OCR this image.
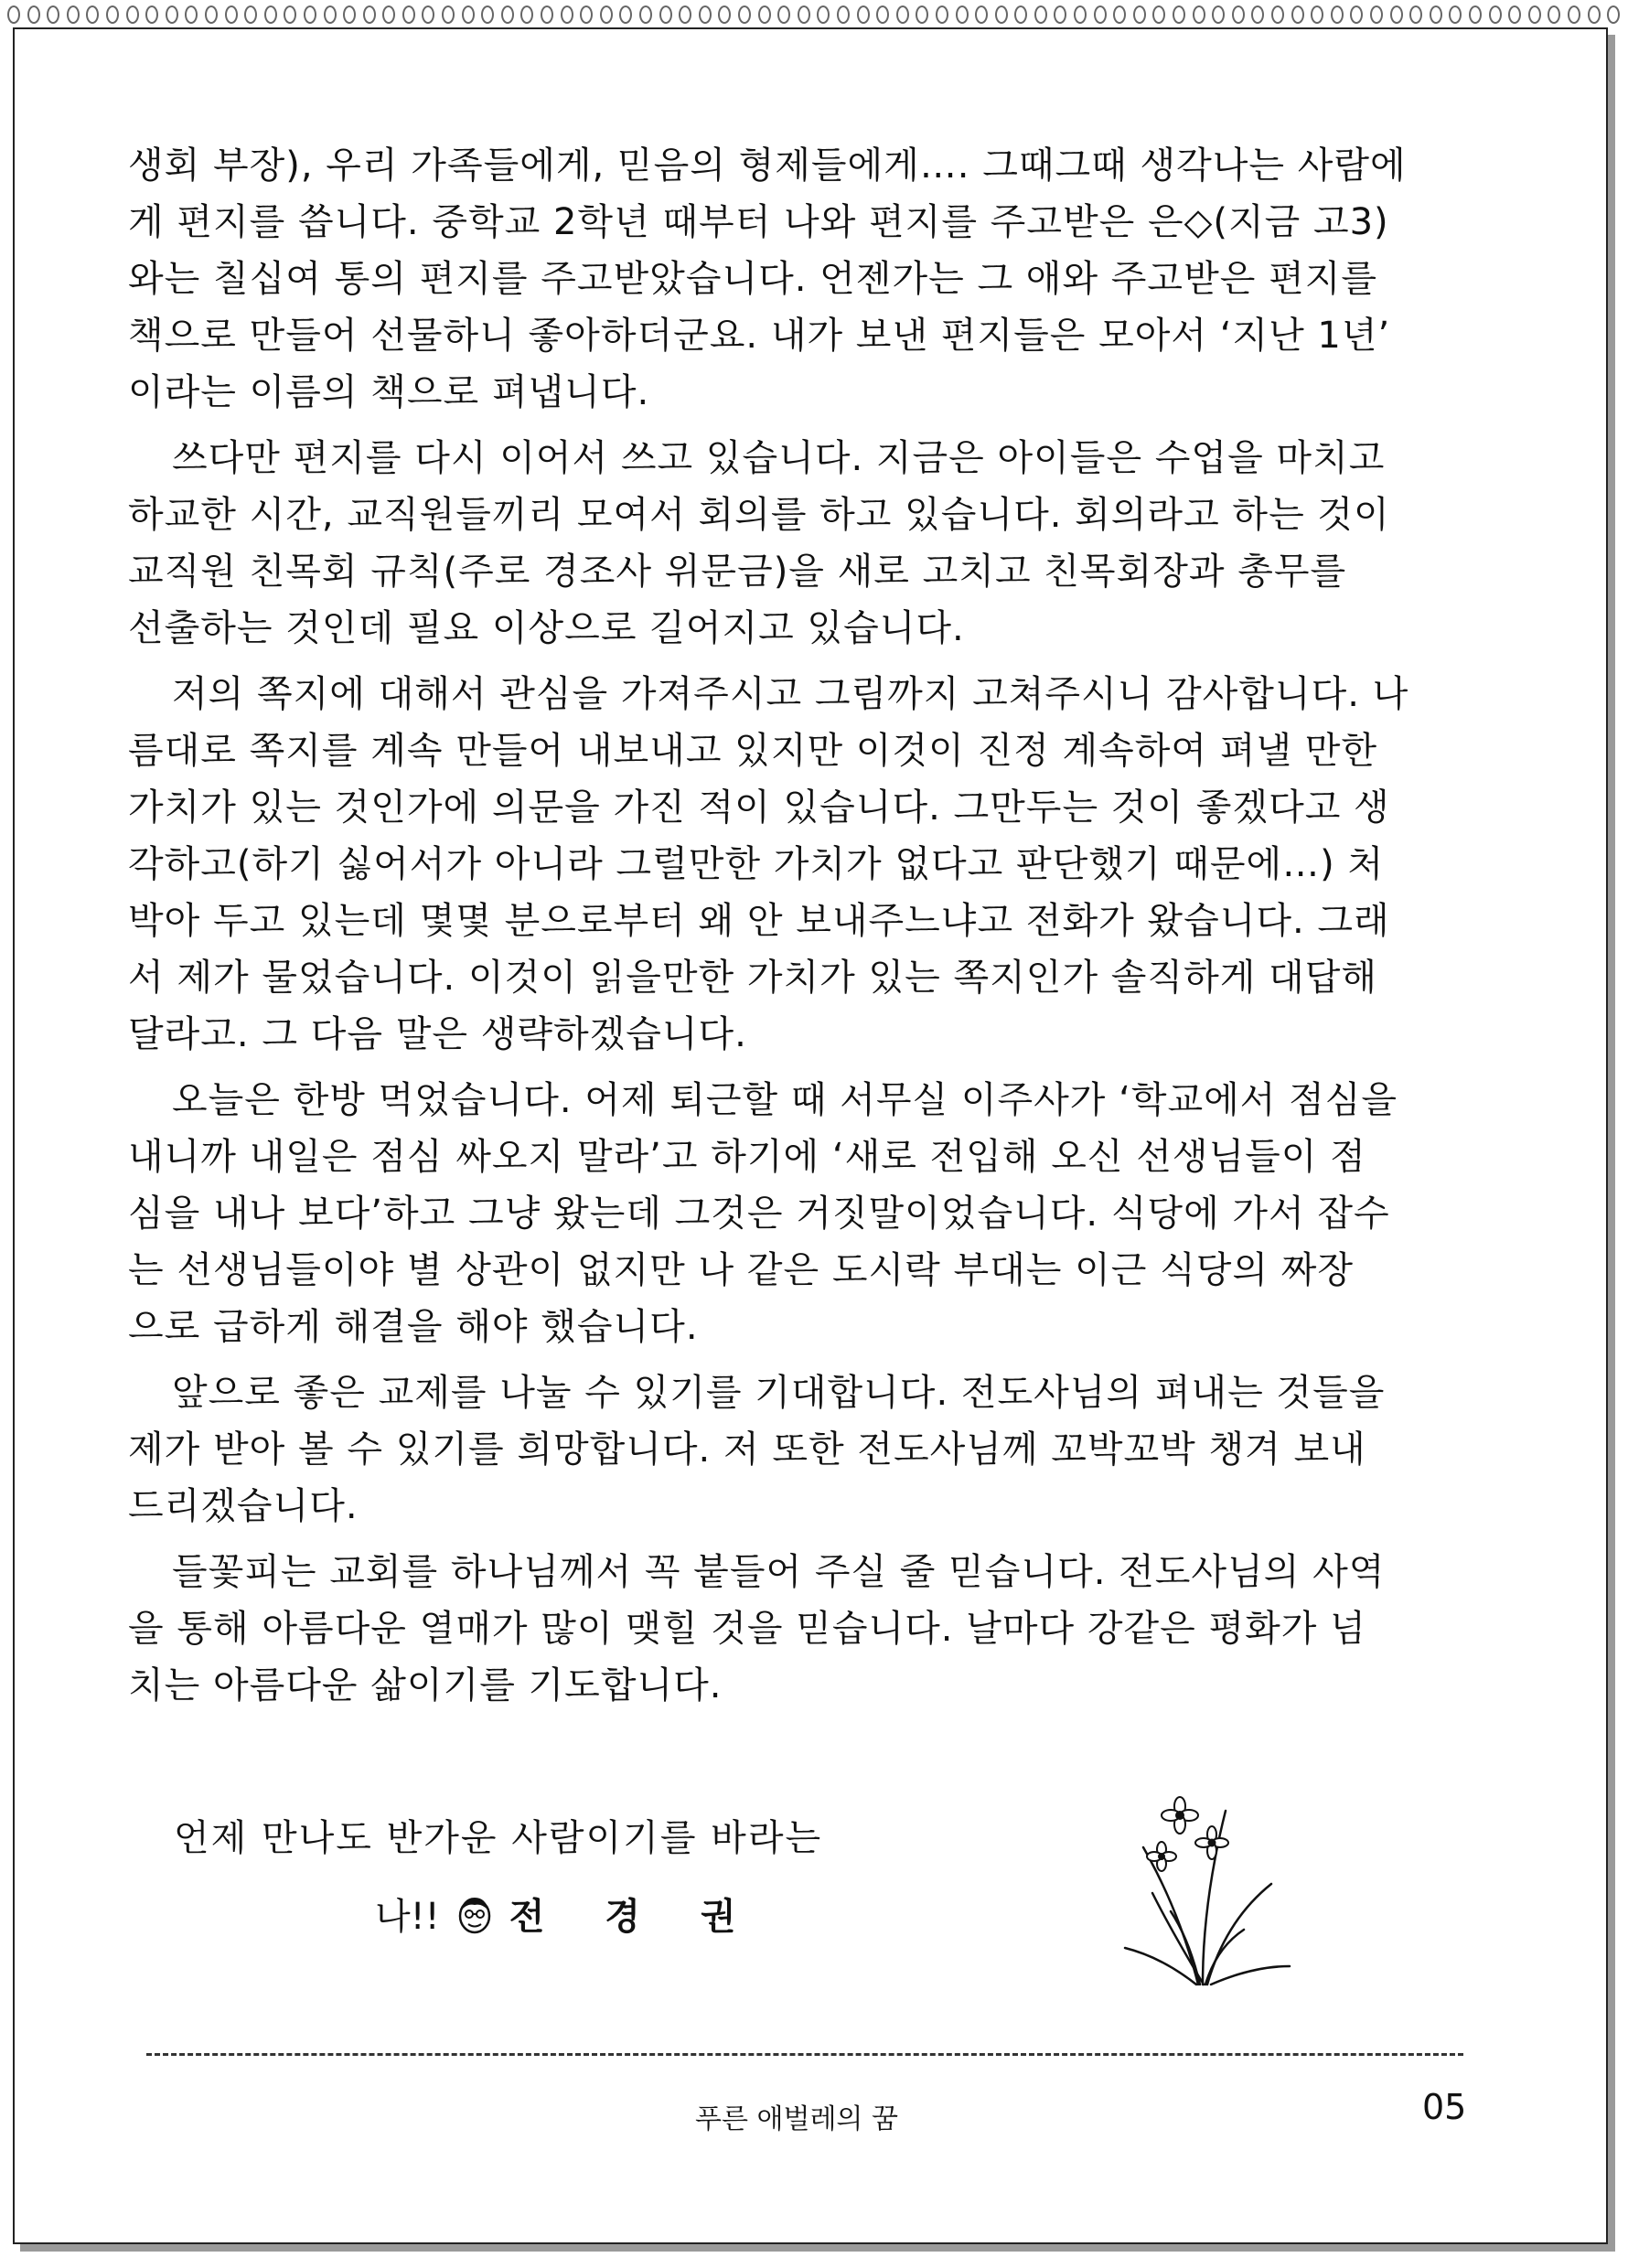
생회 부장), 우리 가족들에게, 믿음의 형제들에게…. 그때그때 생각나는 사람에
게 편지를 씁니다. 중학교 2학년 때부터 나와 편지를 주고받은 은◇(지금 고3)
와는 칠십여 통의 편지를 주고받았습니다. 언젠가는 그 애와 주고받은 편지를
책으로 만들어 선물하니 좋아하더군요. 내가 보낸 편지들은 모아서 ‘지난 1년’
이라는 이름의 책으로 펴냅니다.
쓰다만 편지를 다시 이어서 쓰고 있습니다. 지금은 아이들은 수업을 마치고
하교한 시간, 교직원들끼리 모여서 회의를 하고 있습니다. 회의라고 하는 것이
교직원 친목회 규칙(주로 경조사 위문금)을 새로 고치고 친목회장과 총무를
선출하는 것인데 필요 이상으로 길어지고 있습니다.
저의 쪽지에 대해서 관심을 가져주시고 그림까지 고쳐주시니 감사합니다. 나
름대로 쪽지를 계속 만들어 내보내고 있지만 이것이 진정 계속하여 펴낼 만한
가치가 있는 것인가에 의문을 가진 적이 있습니다. 그만두는 것이 좋겠다고 생
각하고(하기 싫어서가 아니라 그럴만한 가치가 없다고 판단했기 때문에…) 처
박아 두고 있는데 몇몇 분으로부터 왜 안 보내주느냐고 전화가 왔습니다. 그래
서 제가 물었습니다. 이것이 읽을만한 가치가 있는 쪽지인가 솔직하게 대답해
달라고. 그 다음 말은 생략하겠습니다.
오늘은 한방 먹었습니다. 어제 퇴근할 때 서무실 이주사가 ‘학교에서 점심을
내니까 내일은 점심 싸오지 말라’고 하기에 ‘새로 전입해 오신 선생님들이 점
심을 내나 보다’하고 그냥 왔는데 그것은 거짓말이었습니다. 식당에 가서 잡수
는 선생님들이야 별 상관이 없지만 나 같은 도시락 부대는 이근 식당의 짜장
으로 급하게 해결을 해야 했습니다.
앞으로 좋은 교제를 나눌 수 있기를 기대합니다. 전도사님의 펴내는 것들을
제가 받아 볼 수 있기를 희망합니다. 저 또한 전도사님께 꼬박꼬박 챙겨 보내
드리겠습니다.
들꽃피는 교회를 하나님께서 꼭 붙들어 주실 줄 믿습니다. 전도사님의 사역
을 통해 아름다운 열매가 많이 맺힐 것을 믿습니다. 날마다 강같은 평화가 넘
치는 아름다운 삶이기를 기도합니다.
언제 만나도 반가운 사람이기를 바라는
나!! 전 경 권
푸른 애벌레의 꿈	05
